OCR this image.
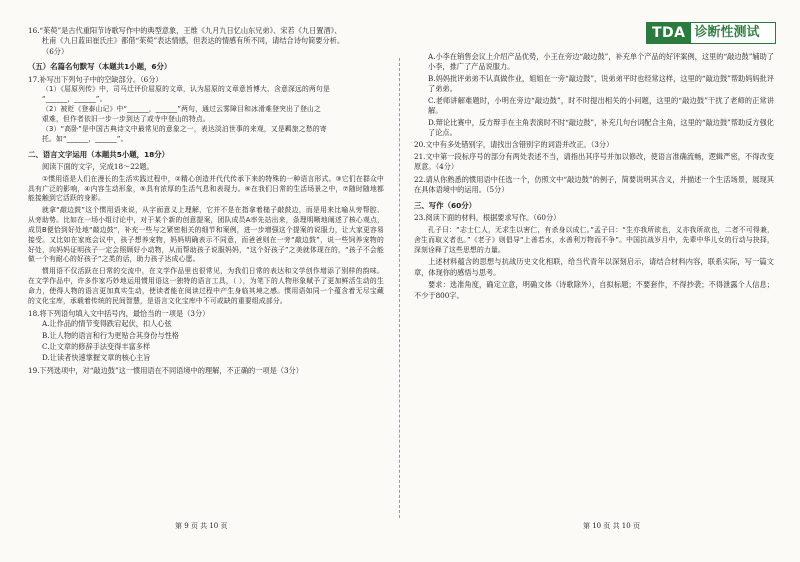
TDA 诊断性测试
16.“茱萸”是古代重阳节诗歌写作中的典型意象，王维《九月九日忆山东兄弟》、宋若《九日置酒》、
杜甫《九日蓝田崔氏庄》都借“茱萸”表达情感，但表达的情感有所不同，请结合诗句简要分析。
（6分）
（五）名篇名句默写（本题共1小题，6分）
17.补写出下列句子中的空缺部分。（6分）
（1）《屈原列传》中，司马迁评价屈原的文章，认为屈原的文章意旨博大、含意深远的两句是
“______，______”。
（2）被贬《登泰山记》中“______，______”两句，通过云雾障目和冰滑难登突出了登山之
艰难，但作者依旧一步一步到达了或寺中登山的特点。
（3）“高卧”是中国古典诗文中最常见的意象之一，表达淡泊世事的来观，又是羁旅之愁的寄
托。如“______，______”。
二、语言文字运用（本题共5小题，18分）
阅读下面的文字，完成18～22题。
①惯用语是人们在漫长的生活实践过程中，②精心创造并代代传承下来的特殊的一种语言形式。③它们在群众中具有广泛的影响，④内容生动形象，⑤具有浓厚的生活气息和表现力。⑥在我们日常的生活场景之中，⑦随时随地都能接触到它活跃的身影。
就拿“敲边鼓”这个惯用语来说，从字面意义上理解，它并不是在指拿着槌子敲鼓边，而是用来比喻从旁帮腔、从旁助势。比如在一场小组讨论中，对于某个新的创意提案，团队成员A率先站出来，条理明晰地阐述了核心观点，成员B便恰到好处地“敲边鼓”，补充一些与之紧密相关的细节和案例，进一步增强这个提案的说服力，让大家更容易接受。又比如在家庭会议中，孩子想养宠物，妈妈明确表示不同意，而爸爸则在一旁“敲边鼓”，说一些饲养宠物的好处，向妈妈证明孩子一定会照顾好小动物，从而帮助孩子说服妈妈，“这个好孩子”之美就体现在的，“孩子不会能做一个有耐心的好孩子”之类的话，助力孩子达成心愿。
惯用语不仅活跃在日常的交流中，在文学作品里也很常见，为我们日常的表达和文学创作增添了别样的韵味。在文学作品中，许多作家巧妙地运用惯用语这一独特的语言工具，（ ），为笔下的人物形象赋予了更加鲜活生动的生命力，使得人物的语言更加真实生动，使读者能在阅读过程中产生身临其境之感。惯用语如同一个蕴含着无尽宝藏的文化宝库，承载着传统的民间智慧，是语言文化宝库中不可或缺的重要组成部分。
18.将下列语句填入文中括号内，最恰当的一项是（3分）
A.让作品的情节变得跌宕起伏，扣人心弦
B.让人物的语言和行为更贴合其身份与性格
C.让文章的修辞手法变得丰富多样
D.让读者快速掌握文章的核心主旨
19.下列选项中，对“敲边鼓”这一惯用语在不同语境中的理解，不正确的一项是（3分）
A.小李在销售会议上介绍产品优势，小王在旁边“敲边鼓”，补充单个产品的好评案例，这里的“敲边鼓”辅助了小李，推广了产品说服力。
B.妈妈批评弟弟不认真做作业，姐姐在一旁“敲边鼓”，说弟弟平时也经常这样，这里的“敲边鼓”帮助妈妈批评了弟弟。
C.老师讲解难题时，小明在旁边“敲边鼓”，时不时提出相关的小问题，这里的“敲边鼓”干扰了老师的正常讲解。
D.辩论比赛中，反方辩手在主角表演时不时“敲边鼓”，补充几句台词配合主角，这里的“敲边鼓”帮助反方强化了论点。
20.文中有多处错别字，请找出含错别字的词语并改正。（3分）
21.文中第一段标序号的部分有两处表述不当，请指出其序号并加以修改，使语言准确流畅，逻辑严密，不得改变原意。（4分）
22.请从你熟悉的惯用语中任选一个，仿照文中“敲边鼓”的例子，简要说明其含义，并描述一个生活场景，展现其在具体语境中的运用。（5分）
三、写作（60分）
23.阅读下面的材料，根据要求写作。（60分）
孔子曰：“志士仁人，无求生以害仁，有杀身以成仁。”孟子曰：“生亦我所欲也，义亦我所欲也，二者不可得兼，舍生而取义者也。”《老子》则倡导“上善若水，水善利万物而不争”。中国抗战岁月中，先辈中华儿女的行动与抉择，深刻诠释了这些思想的力量。
上述材料蕴含的思想与抗战历史文化相联，给当代青年以深刻启示，请结合材料内容，联系实际，写一篇文章，体现你的感悟与思考。
要求：选准角度，确定立意，明确文体（诗歌除外），自拟标题；不要套作，不得抄袭；不得泄露个人信息；不少于800字。
第 9 页 共 10 页	第 10 页 共 10 页
